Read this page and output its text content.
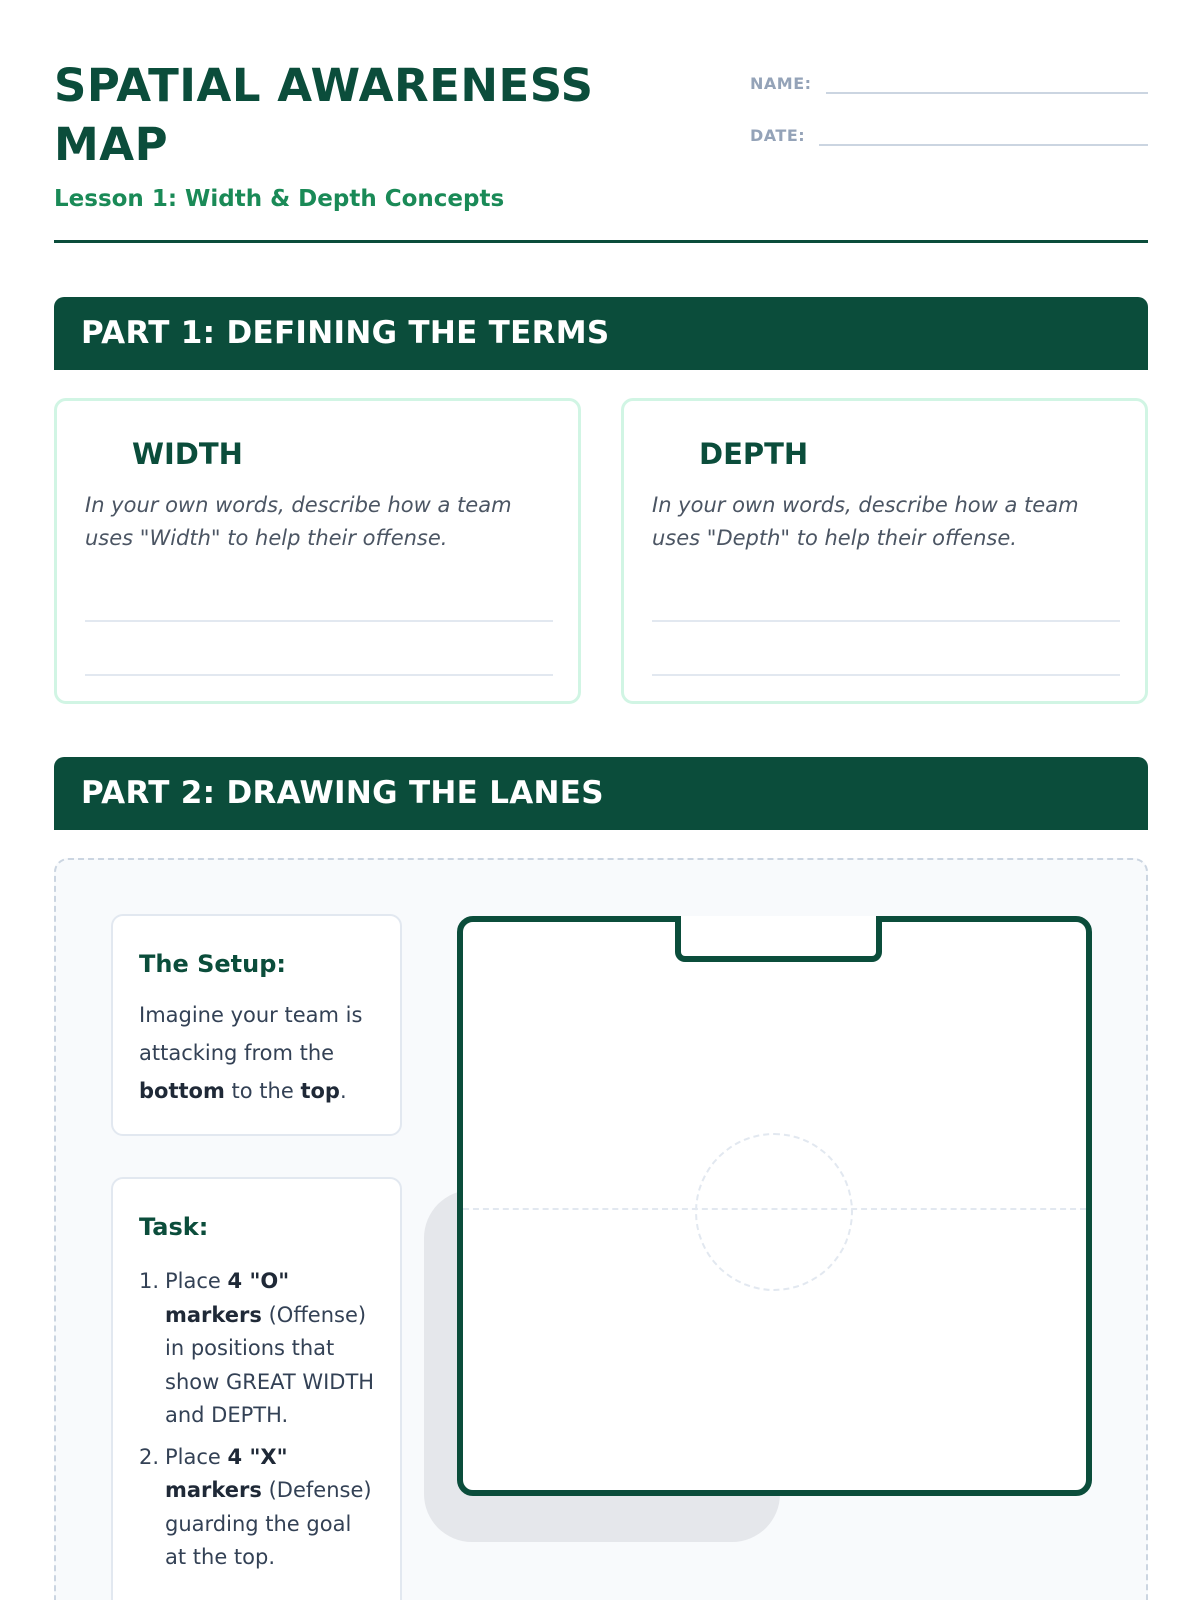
SPATIAL AWARENESS MAP
Lesson 1: Width & Depth Concepts
NAME:
DATE:
PART 1: DEFINING THE TERMS
WIDTH
In your own words, describe how a team uses "Width" to help their offense.
DEPTH
In your own words, describe how a team uses "Depth" to help their offense.
PART 2: DRAWING THE LANES
The Setup:
Imagine your team is attacking from the bottom to the top.
Task:
1. Place 4 "O" markers (Offense) in positions that show GREAT WIDTH and DEPTH.
2. Place 4 "X" markers (Defense) guarding the goal at the top.
